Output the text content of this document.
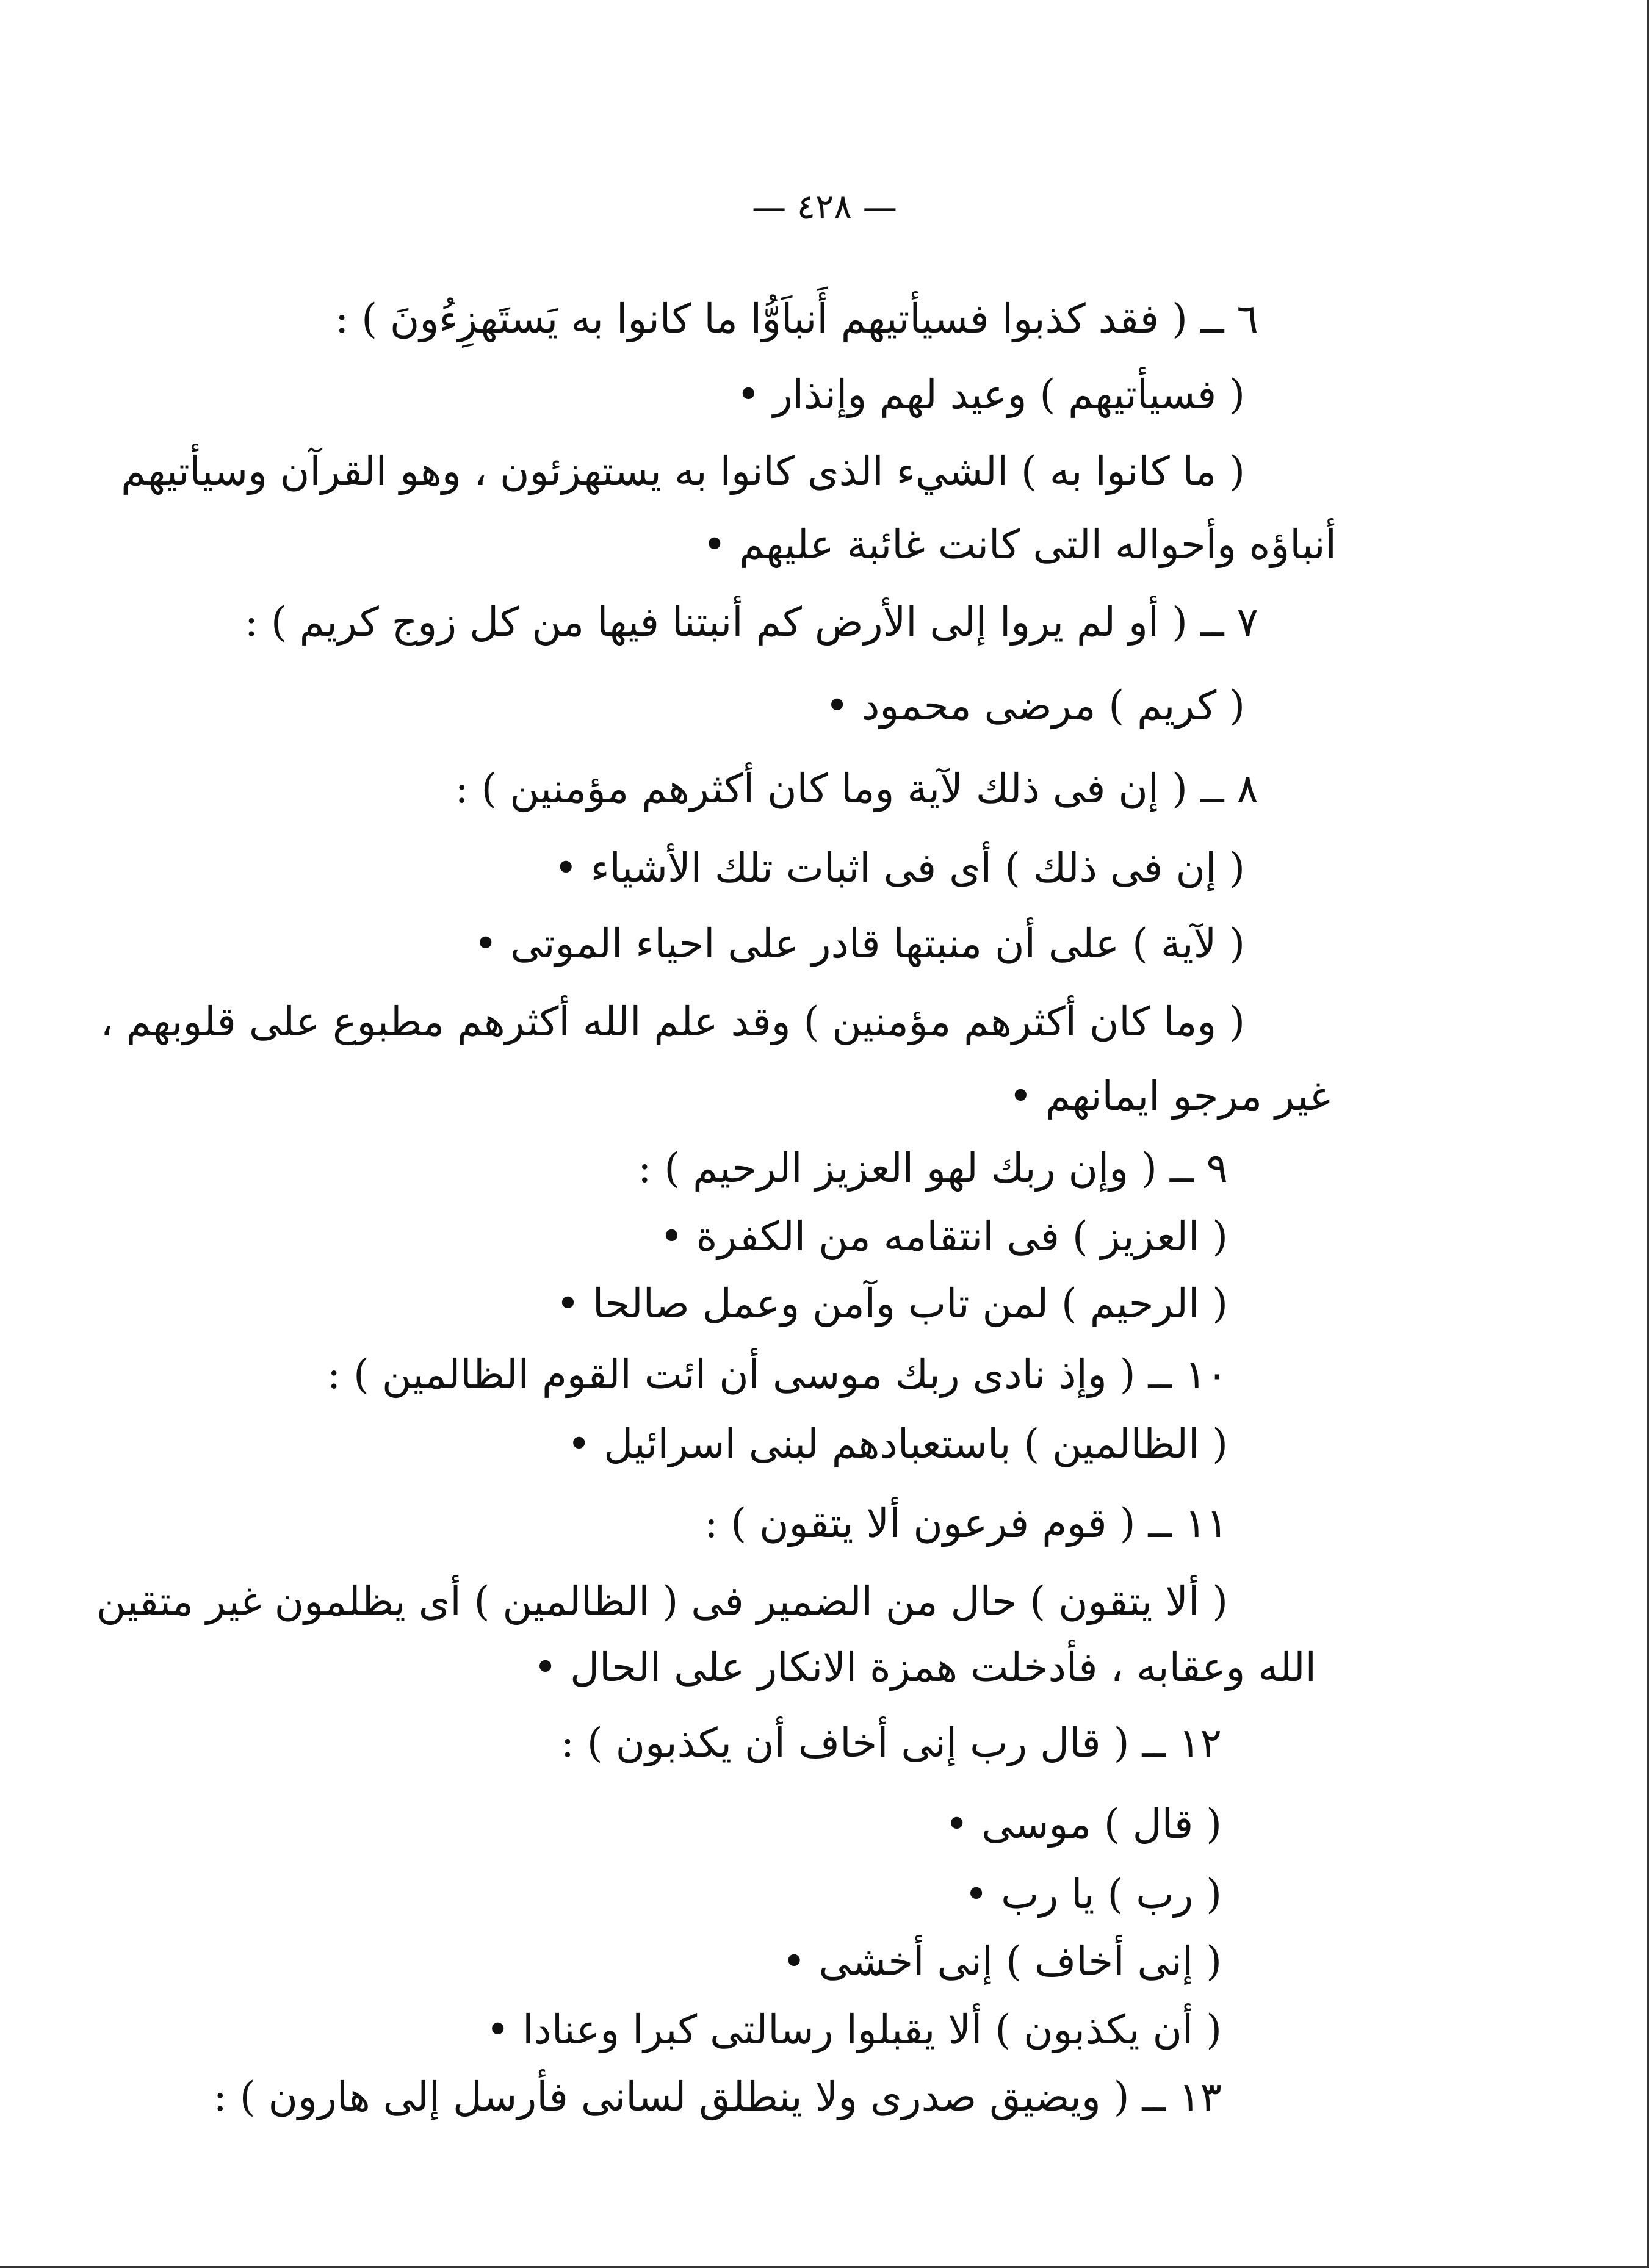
— ٤٢٨ —
٦ ــ ( فقد كذبوا فسيأتيهم أَنباَوُّا ما كانوا به يَستَهزِءُونَ ) :
( فسيأتيهم ) وعيد لهم وإنذار •
( ما كانوا به ) الشيء الذى كانوا به يستهزئون ، وهو القرآن وسيأتيهم
أنباؤه وأحواله التى كانت غائبة عليهم •
٧ ــ ( أو لم يروا إلى الأرض كم أنبتنا فيها من كل زوج كريم ) :
( كريم ) مرضى محمود •
٨ ــ ( إن فى ذلك لآية وما كان أكثرهم مؤمنين ) :
( إن فى ذلك ) أى فى اثبات تلك الأشياء •
( لآية ) على أن منبتها قادر على احياء الموتى •
( وما كان أكثرهم مؤمنين ) وقد علم الله أكثرهم مطبوع على قلوبهم ،
غير مرجو ايمانهم •
٩ ــ ( وإن ربك لهو العزيز الرحيم ) :
( العزيز ) فى انتقامه من الكفرة •
( الرحيم ) لمن تاب وآمن وعمل صالحا •
١٠ ــ ( وإذ نادى ربك موسى أن ائت القوم الظالمين ) :
( الظالمين ) باستعبادهم لبنى اسرائيل •
١١ ــ ( قوم فرعون ألا يتقون ) :
( ألا يتقون ) حال من الضمير فى ( الظالمين ) أى يظلمون غير متقين
الله وعقابه ، فأدخلت همزة الانكار على الحال •
١٢ ــ ( قال رب إنى أخاف أن يكذبون ) :
( قال ) موسى •
( رب ) يا رب •
( إنى أخاف ) إنى أخشى •
( أن يكذبون ) ألا يقبلوا رسالتى كبرا وعنادا •
١٣ ــ ( ويضيق صدرى ولا ينطلق لسانى فأرسل إلى هارون ) :
